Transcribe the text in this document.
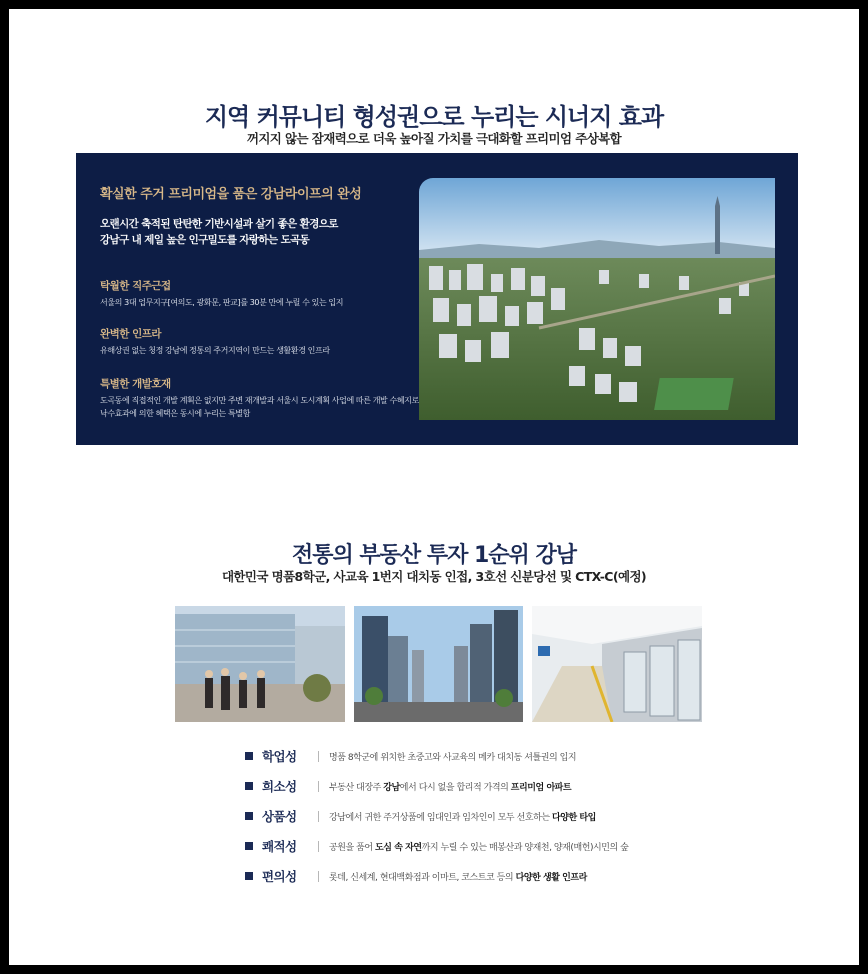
지역 커뮤니티 형성권으로 누리는 시너지 효과
꺼지지 않는 잠재력으로 더욱 높아질 가치를 극대화할 프리미엄 주상복합
확실한 주거 프리미엄을 품은 강남라이프의 완성
오랜시간 축적된 탄탄한 기반시설과 살기 좋은 환경으로
강남구 내 제일 높은 인구밀도를 자랑하는 도곡동
탁월한 직주근접
서울의 3대 업무지구[여의도, 광화문, 판교]를 30분 만에 누릴 수 있는 입지
완벽한 인프라
유해상권 없는 청정 강남에 정통의 주거지역이 만드는 생활환경 인프라
특별한 개발호재
도곡동에 직접적인 개발 계획은 없지만 주변 재개발과 서울시 도시계획 사업에 따른 개발 수혜지로 낙수효과에 의한 혜택은 동시에 누리는 특별함
전통의 부동산 투자 1순위 강남
대한민국 명품8학군, 사교육 1번지 대치동 인접, 3호선 신분당선 및 CTX-C(예정)
학업성	명품 8학군에 위치한 초중고와 사교육의 메카 대치동 셔틀권의 입지
희소성	부동산 대장주 강남에서 다시 없을 합리적 가격의 프리미엄 아파트
상품성	강남에서 귀한 주거상품에 임대인과 임차인이 모두 선호하는 다양한 타입
쾌적성	공원을 품어 도심 속 자연까지 누릴 수 있는 매봉산과 양재천, 양재(매헌)시민의 숲
편의성	롯데, 신세계, 현대백화점과 이마트, 코스트코 등의 다양한 생활 인프라
